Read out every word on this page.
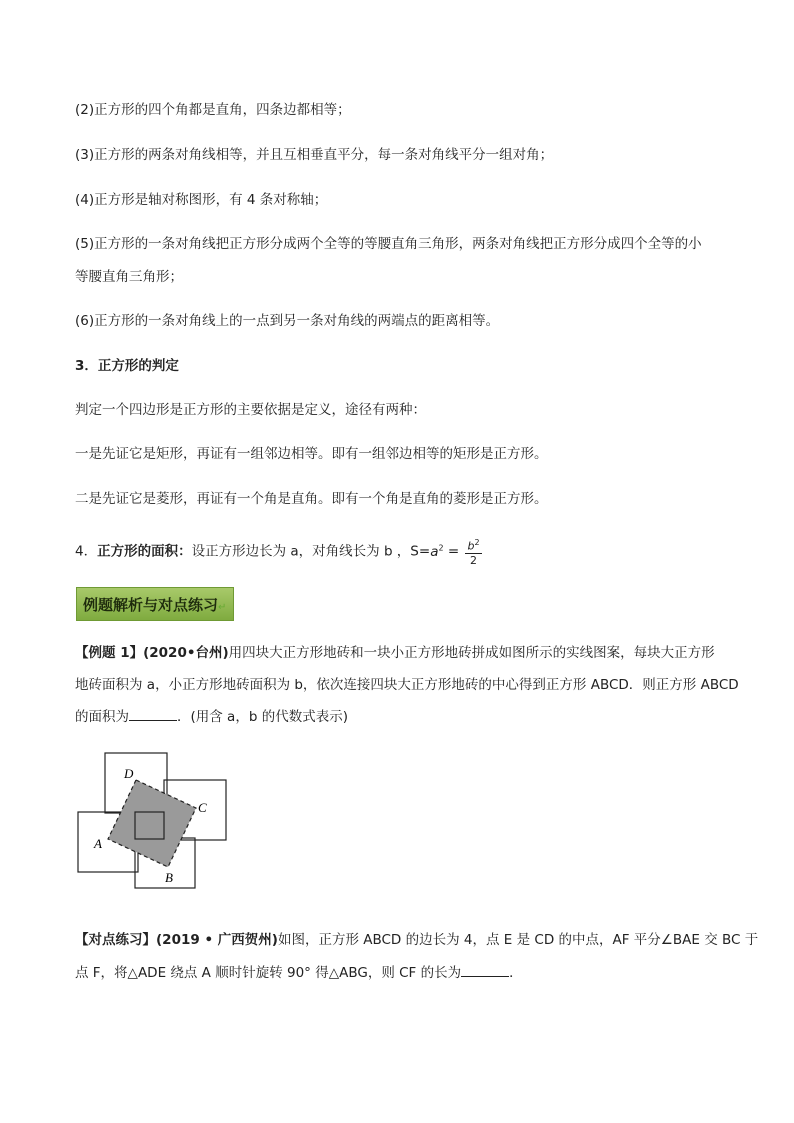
(2)正方形的四个角都是直角，四条边都相等；
(3)正方形的两条对角线相等，并且互相垂直平分，每一条对角线平分一组对角；
(4)正方形是轴对称图形，有 4 条对称轴；
(5)正方形的一条对角线把正方形分成两个全等的等腰直角三角形，两条对角线把正方形分成四个全等的小
等腰直角三角形；
(6)正方形的一条对角线上的一点到另一条对角线的两端点的距离相等。
3．正方形的判定
判定一个四边形是正方形的主要依据是定义，途径有两种：
一是先证它是矩形，再证有一组邻边相等。即有一组邻边相等的矩形是正方形。
二是先证它是菱形，再证有一个角是直角。即有一个角是直角的菱形是正方形。
4．正方形的面积：设正方形边长为 a，对角线长为 b ，$S=a^2 = \frac{b^2}{2}$
例题解析与对点练习↵
【例题 1】(2020•台州)用四块大正方形地砖和一块小正方形地砖拼成如图所示的实线图案，每块大正方形
地砖面积为 a，小正方形地砖面积为 b，依次连接四块大正方形地砖的中心得到正方形 ABCD．则正方形 ABCD
的面积为	．(用含 a，b 的代数式表示)
D
C
A
B
【对点练习】(2019 • 广西贺州)如图，正方形 ABCD 的边长为 4，点 E 是 CD 的中点，AF 平分∠BAE 交 BC 于
点 F，将△ADE 绕点 A 顺时针旋转 90° 得△ABG，则 CF 的长为	．
